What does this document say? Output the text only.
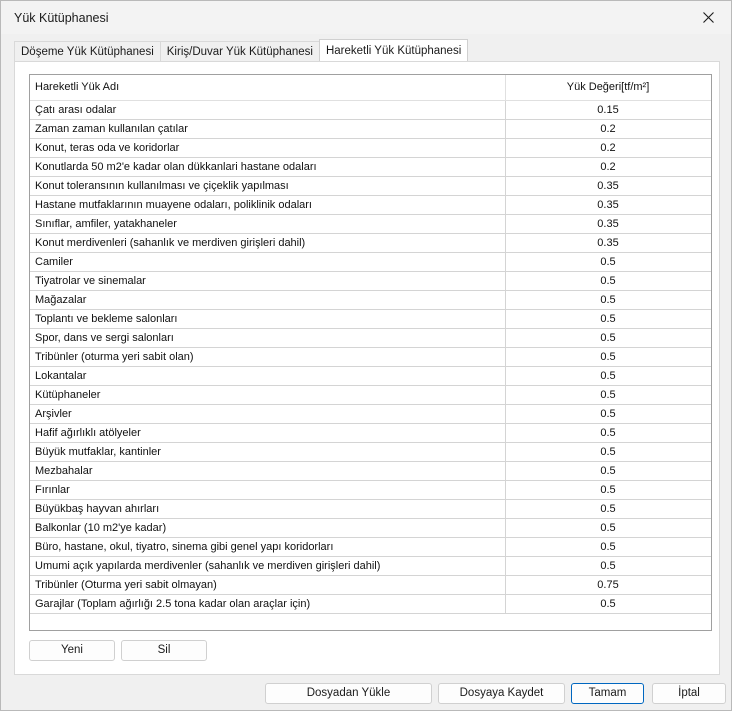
Yük Kütüphanesi
Döşeme Yük Kütüphanesi	Kiriş/Duvar Yük Kütüphanesi	Hareketli Yük Kütüphanesi
Hareketli Yük Adı	Yük Değeri[tf/m²]
Çatı arası odalar	0.15
Zaman zaman kullanılan çatılar	0.2
Konut, teras oda ve koridorlar	0.2
Konutlarda 50 m2'e kadar olan dükkanlari hastane odaları	0.2
Konut toleransının kullanılması ve çiçeklik yapılması	0.35
Hastane mutfaklarının muayene odaları, poliklinik odaları	0.35
Sınıflar, amfiler, yatakhaneler	0.35
Konut merdivenleri (sahanlık ve merdiven girişleri dahil)	0.35
Camiler	0.5
Tiyatrolar ve sinemalar	0.5
Mağazalar	0.5
Toplantı ve bekleme salonları	0.5
Spor, dans ve sergi salonları	0.5
Tribünler (oturma yeri sabit olan)	0.5
Lokantalar	0.5
Kütüphaneler	0.5
Arşivler	0.5
Hafif ağırlıklı atölyeler	0.5
Büyük mutfaklar, kantinler	0.5
Mezbahalar	0.5
Fırınlar	0.5
Büyükbaş hayvan ahırları	0.5
Balkonlar (10 m2'ye kadar)	0.5
Büro, hastane, okul, tiyatro, sinema gibi genel yapı koridorları	0.5
Umumi açık yapılarda merdivenler (sahanlık ve merdiven girişleri dahil)	0.5
Tribünler (Oturma yeri sabit olmayan)	0.75
Garajlar (Toplam ağırlığı 2.5 tona kadar olan araçlar için)	0.5
Yeni	Sil
Dosyadan Yükle	Dosyaya Kaydet	Tamam	İptal
